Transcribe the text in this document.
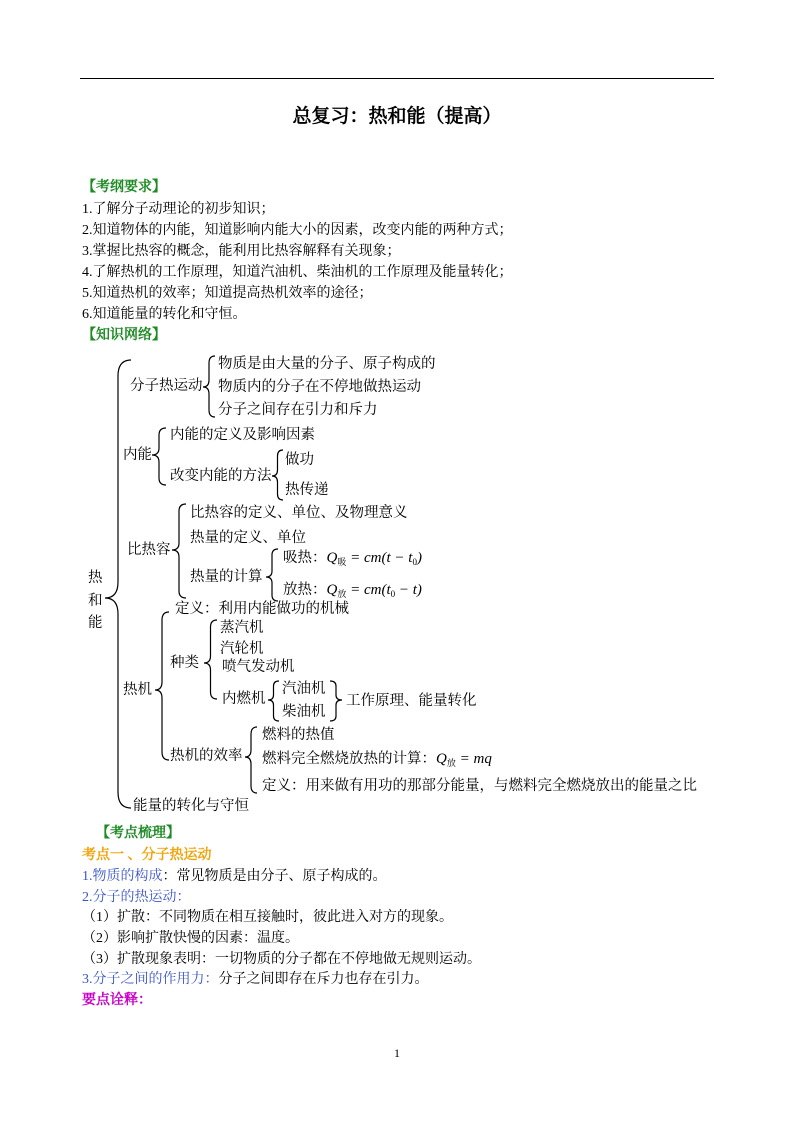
总复习：热和能（提高）
【考纲要求】
1.了解分子动理论的初步知识；
2.知道物体的内能，知道影响内能大小的因素，改变内能的两种方式；
3.掌握比热容的概念，能利用比热容解释有关现象；
4.了解热机的工作原理，知道汽油机、柴油机的工作原理及能量转化；
5.知道热机的效率；知道提高热机效率的途径；
6.知道能量的转化和守恒。
【知识网络】
热
和
能
分子热运动
物质是由大量的分子、原子构成的
物质内的分子在不停地做热运动
分子之间存在引力和斥力
内能
内能的定义及影响因素
改变内能的方法
做功
热传递
比热容
比热容的定义、单位、及物理意义
热量的定义、单位
热量的计算
吸热：$Q_吸 = cm(t - t_0)$
放热：$Q_放 = cm(t_0 - t)$
热机
定义：利用内能做功的机械
种类
蒸汽机
汽轮机
喷气发动机
内燃机
汽油机
柴油机
工作原理、能量转化
热机的效率
燃料的热值
燃料完全燃烧放热的计算：$Q_放$ = mq
定义：用来做有用功的那部分能量，与燃料完全燃烧放出的能量之比
能量的转化与守恒
【考点梳理】
考点一 、分子热运动
1.物质的构成：常见物质是由分子、原子构成的。
2.分子的热运动：
（1）扩散：不同物质在相互接触时，彼此进入对方的现象。
（2）影响扩散快慢的因素：温度。
（3）扩散现象表明：一切物质的分子都在不停地做无规则运动。
3.分子之间的作用力：分子之间即存在斥力也存在引力。
要点诠释：
1
